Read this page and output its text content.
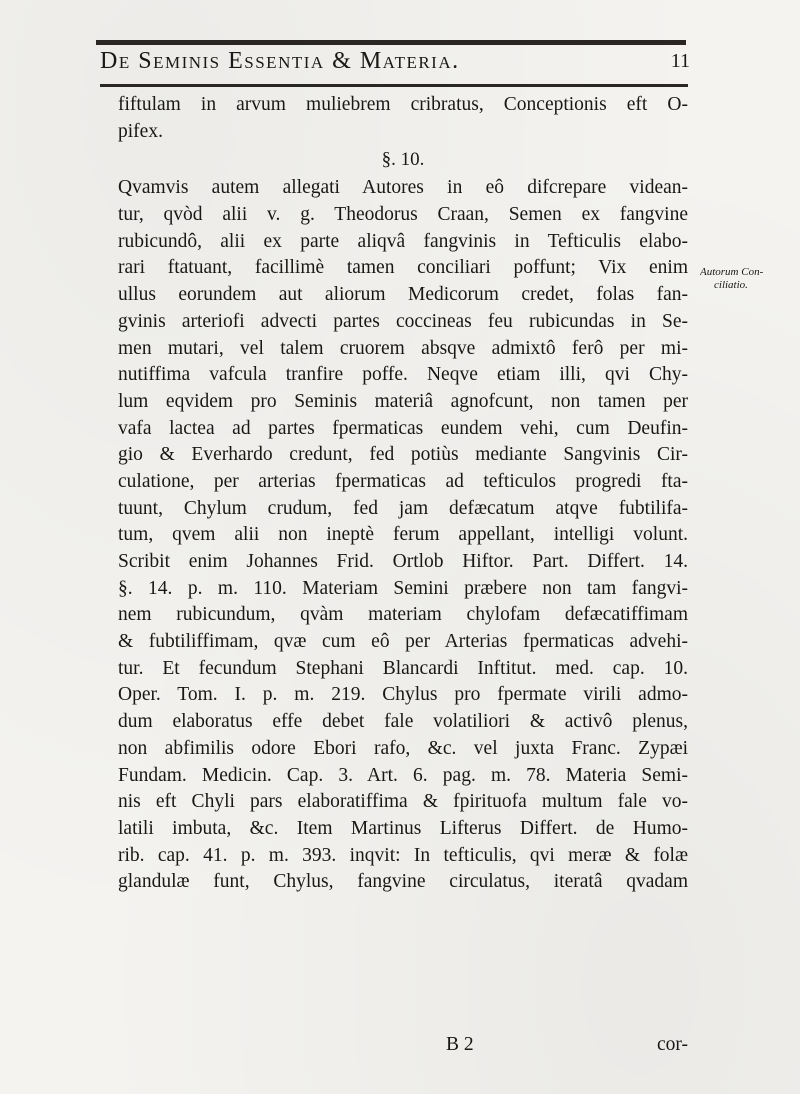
De Seminis Essentia & Materia.	11
fiftulam in arvum muliebrem cribratus, Conceptionis eft O-
pifex.
§. 10.
Qvamvis autem allegati Autores in eô difcrepare videan-
tur, qvòd alii v. g. Theodorus Craan, Semen ex fangvine
rubicundô, alii ex parte aliqvâ fangvinis in Tefticulis elabo-
rari ftatuant, facillimè tamen conciliari poffunt; Vix enim
ullus eorundem aut aliorum Medicorum credet, folas fan-
gvinis arteriofi advecti partes coccineas feu rubicundas in Se-
men mutari, vel talem cruorem absqve admixtô ferô per mi-
nutiffima vafcula tranfire poffe. Neqve etiam illi, qvi Chy-
lum eqvidem pro Seminis materiâ agnofcunt, non tamen per
vafa lactea ad partes fpermaticas eundem vehi, cum Deufin-
gio & Everhardo credunt, fed potiùs mediante Sangvinis Cir-
culatione, per arterias fpermaticas ad tefticulos progredi fta-
tuunt, Chylum crudum, fed jam defæcatum atqve fubtilifa-
tum, qvem alii non ineptè ferum appellant, intelligi volunt.
Scribit enim Johannes Frid. Ortlob Hiftor. Part. Differt. 14.
§. 14. p. m. 110. Materiam Semini præbere non tam fangvi-
nem rubicundum, qvàm materiam chylofam defæcatiffimam
& fubtiliffimam, qvæ cum eô per Arterias fpermaticas advehi-
tur. Et fecundum Stephani Blancardi Inftitut. med. cap. 10.
Oper. Tom. I. p. m. 219. Chylus pro fpermate virili admo-
dum elaboratus effe debet fale volatiliori & activô plenus,
non abfimilis odore Ebori rafo, &c. vel juxta Franc. Zypæi
Fundam. Medicin. Cap. 3. Art. 6. pag. m. 78. Materia Semi-
nis eft Chyli pars elaboratiffima & fpirituofa multum fale vo-
latili imbuta, &c. Item Martinus Lifterus Differt. de Humo-
rib. cap. 41. p. m. 393. inqvit: In tefticulis, qvi meræ & folæ
glandulæ funt, Chylus, fangvine circulatus, iteratâ qvadam
Autorum Con-
ciliatio.
B 2	cor-
